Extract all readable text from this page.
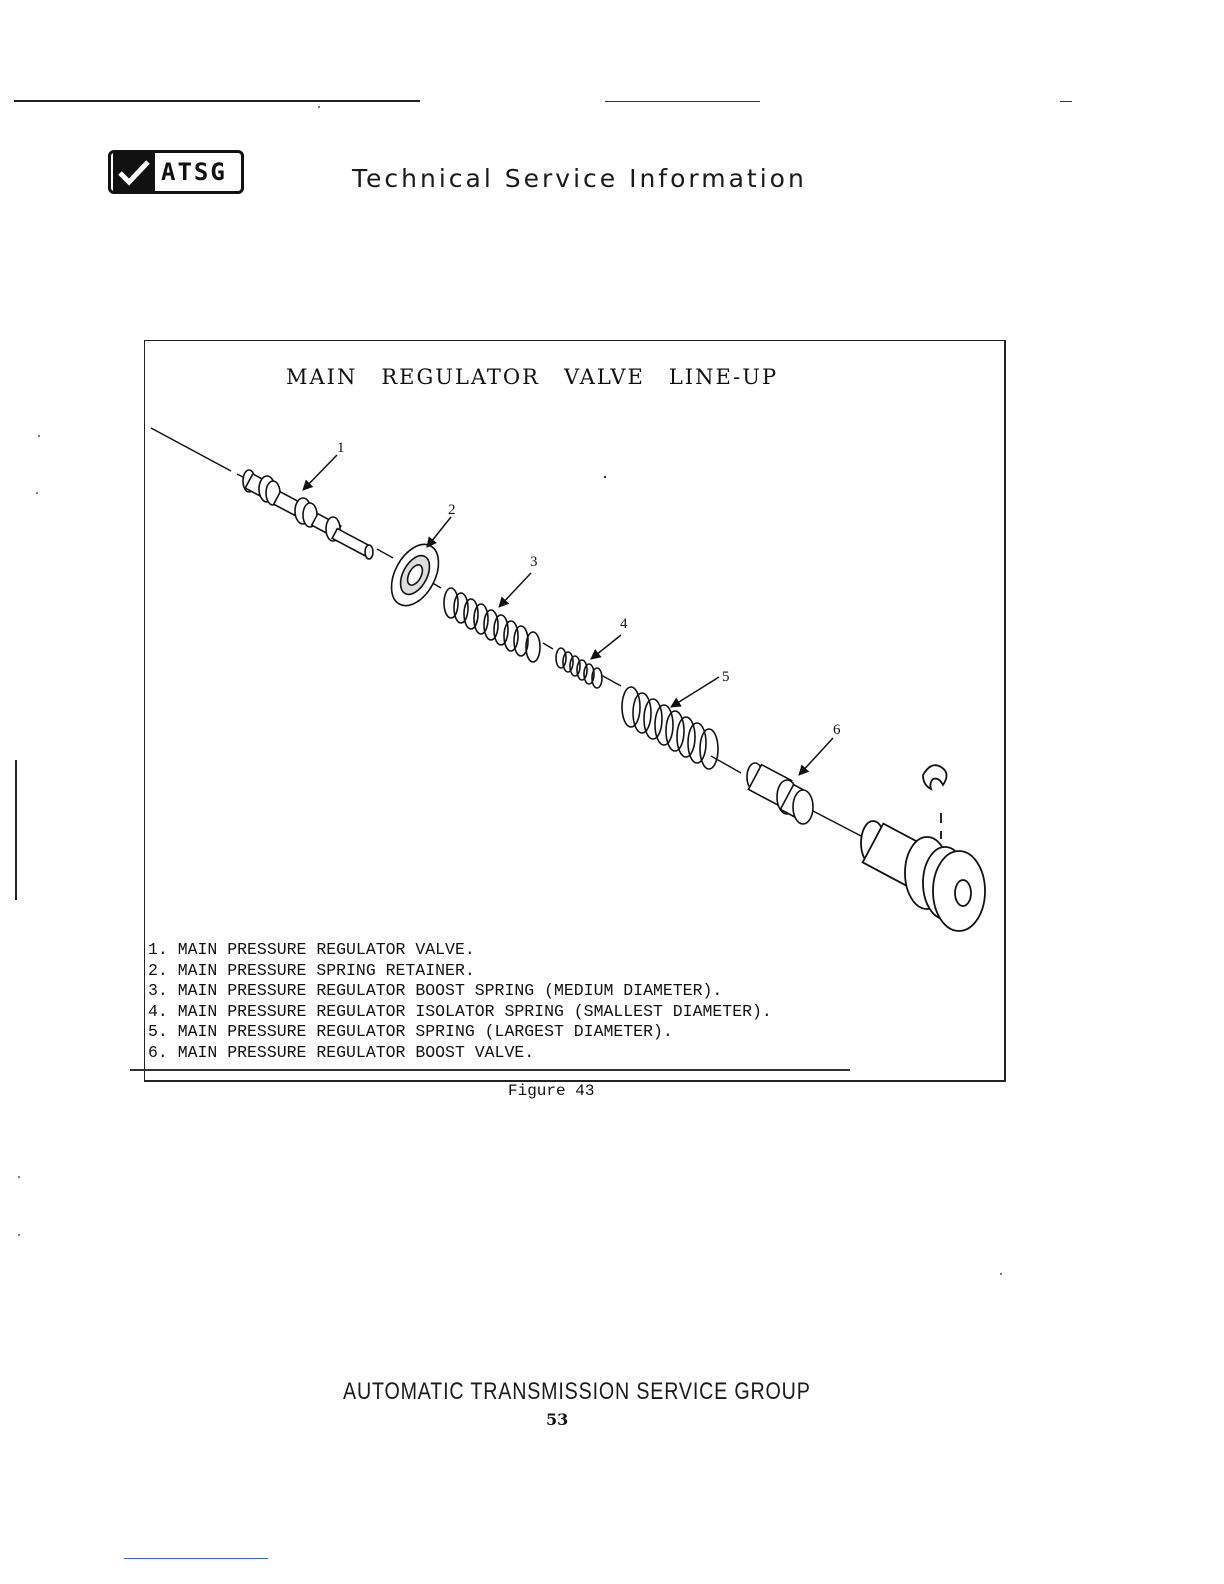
ATSG	Technical Service Information
MAIN REGULATOR VALVE LINE-UP
1
2
3
4
5
6
1. MAIN PRESSURE REGULATOR VALVE.
2. MAIN PRESSURE SPRING RETAINER.
3. MAIN PRESSURE REGULATOR BOOST SPRING (MEDIUM DIAMETER).
4. MAIN PRESSURE REGULATOR ISOLATOR SPRING (SMALLEST DIAMETER).
5. MAIN PRESSURE REGULATOR SPRING (LARGEST DIAMETER).
6. MAIN PRESSURE REGULATOR BOOST VALVE.
Figure 43
AUTOMATIC TRANSMISSION SERVICE GROUP
53
